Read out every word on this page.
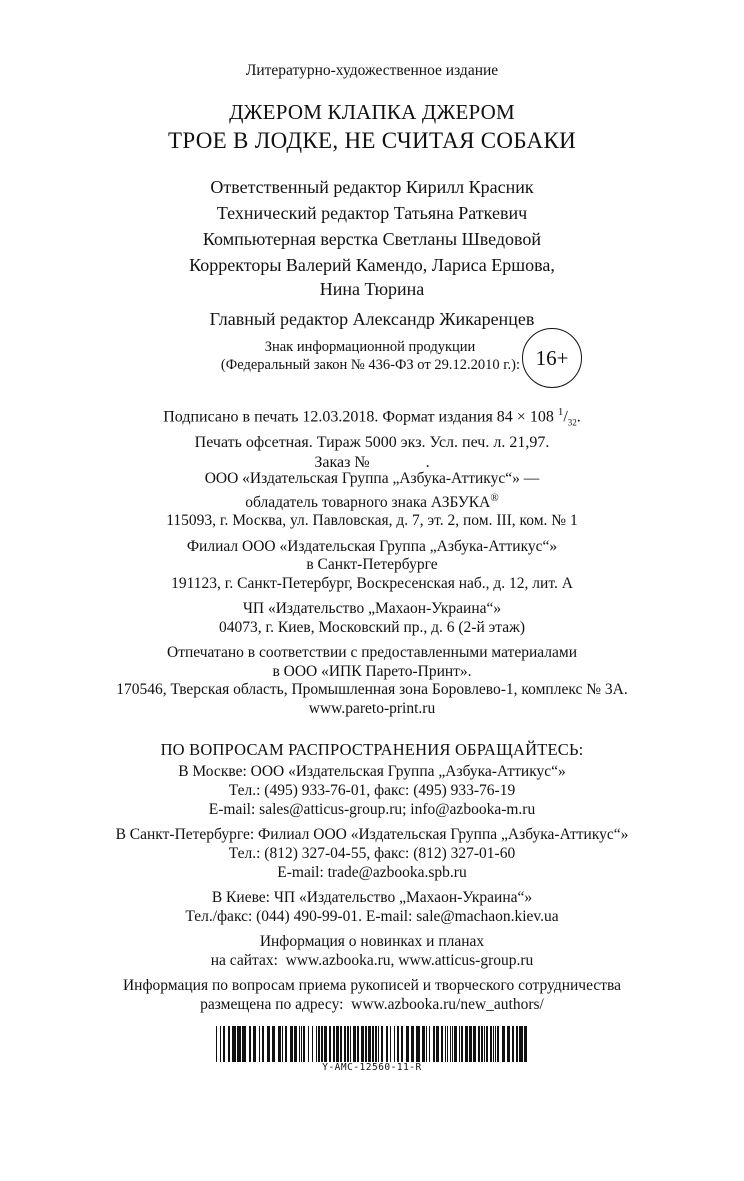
Литературно-художественное издание
ДЖЕРОМ КЛАПКА ДЖЕРОМ
ТРОЕ В ЛОДКЕ, НЕ СЧИТАЯ СОБАКИ
Ответственный редактор Кирилл Красник
Технический редактор Татьяна Раткевич
Компьютерная верстка Светланы Шведовой
Корректоры Валерий Камендо, Лариса Ершова,
Нина Тюрина
Главный редактор Александр Жикаренцев
Знак информационной продукции
(Федеральный закон № 436-ФЗ от 29.12.2010 г.): 16+
Подписано в печать 12.03.2018. Формат издания 84 × 108 $^1/_{32}$.
Печать офсетная. Тираж 5000 экз. Усл. печ. л. 21,97.
Заказ №              .
ООО «Издательская Группа „Азбука-Аттикус“» —
обладатель товарного знака АЗБУКА®
115093, г. Москва, ул. Павловская, д. 7, эт. 2, пом. III, ком. № 1
Филиал ООО «Издательская Группа „Азбука-Аттикус“»
в Санкт-Петербурге
191123, г. Санкт-Петербург, Воскресенская наб., д. 12, лит. А
ЧП «Издательство „Махаон-Украина“»
04073, г. Киев, Московский пр., д. 6 (2-й этаж)
Отпечатано в соответствии с предоставленными материалами
в ООО «ИПК Парето-Принт».
170546, Тверская область, Промышленная зона Боровлево-1, комплекс № 3А.
www.pareto-print.ru
ПО ВОПРОСАМ РАСПРОСТРАНЕНИЯ ОБРАЩАЙТЕСЬ:
В Москве: ООО «Издательская Группа „Азбука-Аттикус“»
Тел.: (495) 933-76-01, факс: (495) 933-76-19
E-mail: sales@atticus-group.ru; info@azbooka-m.ru
В Санкт-Петербурге: Филиал ООО «Издательская Группа „Азбука-Аттикус“»
Тел.: (812) 327-04-55, факс: (812) 327-01-60
E-mail: trade@azbooka.spb.ru
В Киеве: ЧП «Издательство „Махаон-Украина“»
Тел./факс: (044) 490-99-01. E-mail: sale@machaon.kiev.ua
Информация о новинках и планах
на сайтах:  www.azbooka.ru, www.atticus-group.ru
Информация по вопросам приема рукописей и творческого сотрудничества
размещена по адресу:  www.azbooka.ru/new_authors/
Y-AMC-12560-11-R
